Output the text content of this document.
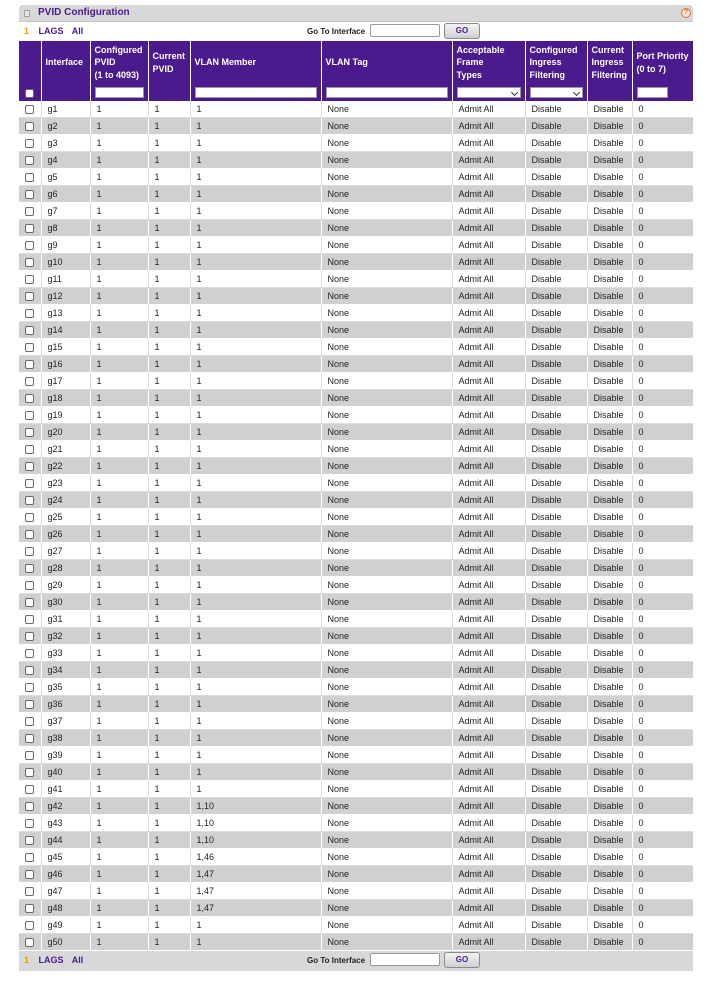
PVID Configuration	?
1 LAGS All	Go To Interface	GO
	Interface	Configured
PVID
(1 to 4093)	Current
PVID	VLAN Member	VLAN Tag	Acceptable
Frame
Types	Configured
Ingress
Filtering	Current
Ingress
Filtering	Port Priority
(0 to 7)

	g1	1	1	1	None	Admit All	Disable	Disable	0
	g2	1	1	1	None	Admit All	Disable	Disable	0
	g3	1	1	1	None	Admit All	Disable	Disable	0
	g4	1	1	1	None	Admit All	Disable	Disable	0
	g5	1	1	1	None	Admit All	Disable	Disable	0
	g6	1	1	1	None	Admit All	Disable	Disable	0
	g7	1	1	1	None	Admit All	Disable	Disable	0
	g8	1	1	1	None	Admit All	Disable	Disable	0
	g9	1	1	1	None	Admit All	Disable	Disable	0
	g10	1	1	1	None	Admit All	Disable	Disable	0
	g11	1	1	1	None	Admit All	Disable	Disable	0
	g12	1	1	1	None	Admit All	Disable	Disable	0
	g13	1	1	1	None	Admit All	Disable	Disable	0
	g14	1	1	1	None	Admit All	Disable	Disable	0
	g15	1	1	1	None	Admit All	Disable	Disable	0
	g16	1	1	1	None	Admit All	Disable	Disable	0
	g17	1	1	1	None	Admit All	Disable	Disable	0
	g18	1	1	1	None	Admit All	Disable	Disable	0
	g19	1	1	1	None	Admit All	Disable	Disable	0
	g20	1	1	1	None	Admit All	Disable	Disable	0
	g21	1	1	1	None	Admit All	Disable	Disable	0
	g22	1	1	1	None	Admit All	Disable	Disable	0
	g23	1	1	1	None	Admit All	Disable	Disable	0
	g24	1	1	1	None	Admit All	Disable	Disable	0
	g25	1	1	1	None	Admit All	Disable	Disable	0
	g26	1	1	1	None	Admit All	Disable	Disable	0
	g27	1	1	1	None	Admit All	Disable	Disable	0
	g28	1	1	1	None	Admit All	Disable	Disable	0
	g29	1	1	1	None	Admit All	Disable	Disable	0
	g30	1	1	1	None	Admit All	Disable	Disable	0
	g31	1	1	1	None	Admit All	Disable	Disable	0
	g32	1	1	1	None	Admit All	Disable	Disable	0
	g33	1	1	1	None	Admit All	Disable	Disable	0
	g34	1	1	1	None	Admit All	Disable	Disable	0
	g35	1	1	1	None	Admit All	Disable	Disable	0
	g36	1	1	1	None	Admit All	Disable	Disable	0
	g37	1	1	1	None	Admit All	Disable	Disable	0
	g38	1	1	1	None	Admit All	Disable	Disable	0
	g39	1	1	1	None	Admit All	Disable	Disable	0
	g40	1	1	1	None	Admit All	Disable	Disable	0
	g41	1	1	1	None	Admit All	Disable	Disable	0
	g42	1	1	1,10	None	Admit All	Disable	Disable	0
	g43	1	1	1,10	None	Admit All	Disable	Disable	0
	g44	1	1	1,10	None	Admit All	Disable	Disable	0
	g45	1	1	1,46	None	Admit All	Disable	Disable	0
	g46	1	1	1,47	None	Admit All	Disable	Disable	0
	g47	1	1	1,47	None	Admit All	Disable	Disable	0
	g48	1	1	1,47	None	Admit All	Disable	Disable	0
	g49	1	1	1	None	Admit All	Disable	Disable	0
	g50	1	1	1	None	Admit All	Disable	Disable	0
1 LAGS All	Go To Interface	GO
